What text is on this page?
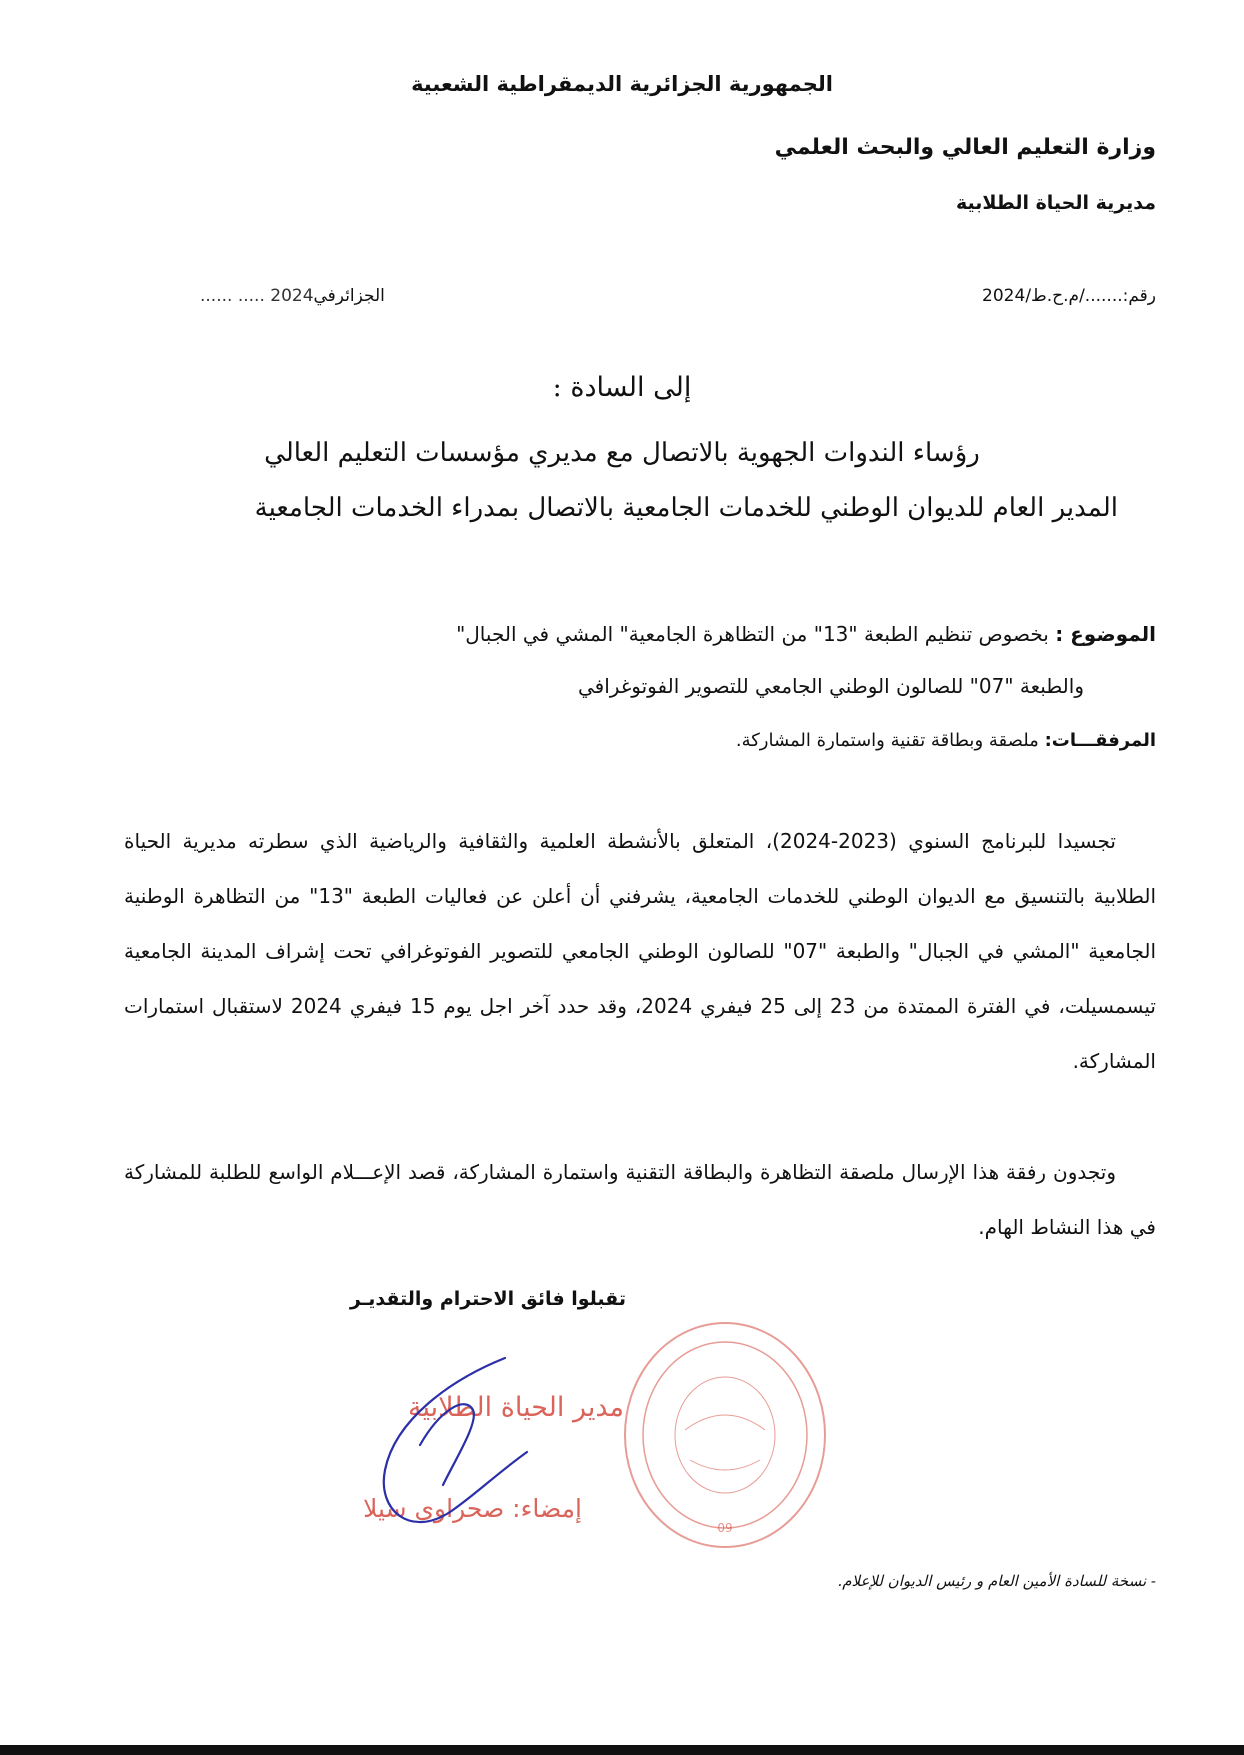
الجمهورية الجزائرية الديمقراطية الشعبية
وزارة التعليم العالي والبحث العلمي
مديرية الحياة الطلابية
رقم:......./م.ح.ط/2024
الجزائرفي2024 ..... ......
إلى السادة :
رؤساء الندوات الجهوية بالاتصال مع مديري مؤسسات التعليم العالي
المدير العام للديوان الوطني للخدمات الجامعية بالاتصال بمدراء الخدمات الجامعية
الموضوع : بخصوص تنظيم الطبعة "13" من التظاهرة الجامعية" المشي في الجبال"
والطبعة "07" للصالون الوطني الجامعي للتصوير الفوتوغرافي
المرفقـــات: ملصقة وبطاقة تقنية واستمارة المشاركة.
تجسيدا للبرنامج السنوي (2023-2024)، المتعلق بالأنشطة العلمية والثقافية والرياضية الذي سطرته مديرية الحياة الطلابية بالتنسيق مع الديوان الوطني للخدمات الجامعية، يشرفني أن أعلن عن فعاليات الطبعة "13" من التظاهرة الوطنية الجامعية "المشي في الجبال" والطبعة "07" للصالون الوطني الجامعي للتصوير الفوتوغرافي تحت إشراف المدينة الجامعية تيسمسيلت، في الفترة الممتدة من 23 إلى 25 فيفري 2024، وقد حدد آخر اجل يوم 15 فيفري 2024 لاستقبال استمارات المشاركة.
وتجدون رفقة هذا الإرسال ملصقة التظاهرة والبطاقة التقنية واستمارة المشاركة، قصد الإعـــلام الواسع للطلبة للمشاركة في هذا النشاط الهام.
تقبلوا فائق الاحترام والتقديـر
09
مدير الحياة الطلابية
إمضاء: صحراوي سيلا
- نسخة للسادة الأمين العام و رئيس الديوان للإعلام.
